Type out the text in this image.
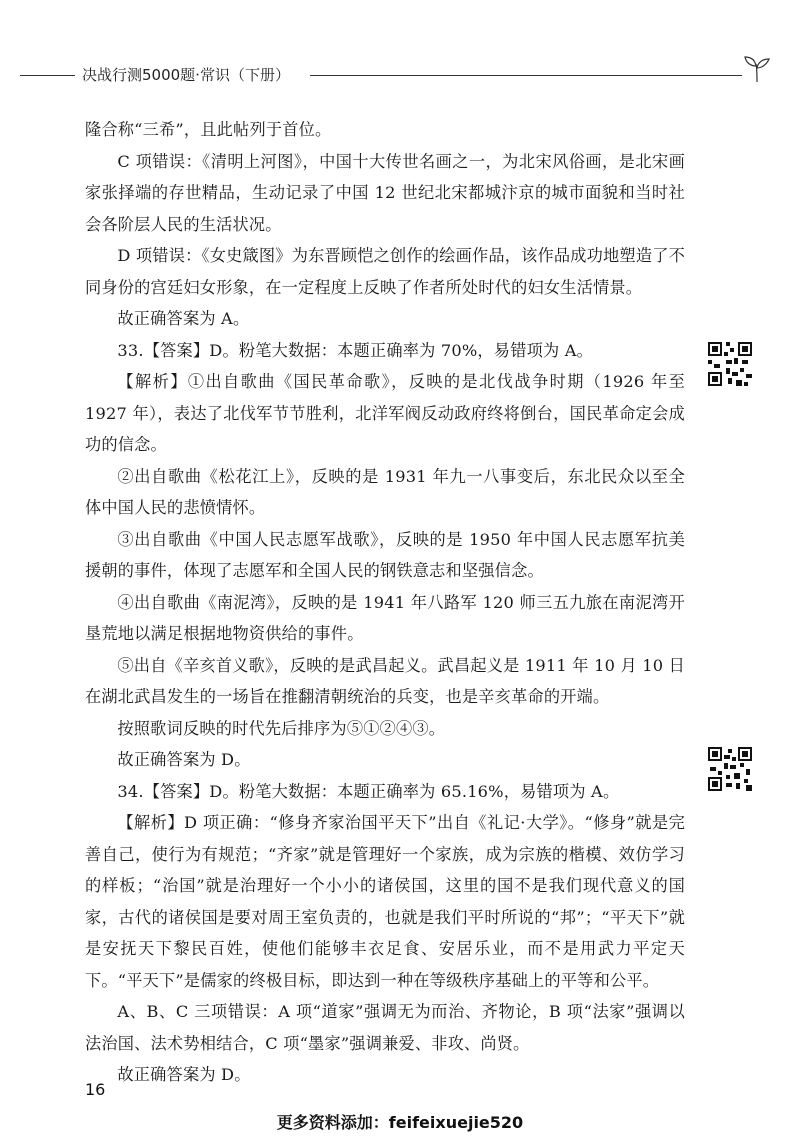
决战行测5000题·常识（下册）

隆合称“三希”，且此帖列于首位。

C 项错误：《清明上河图》，中国十大传世名画之一，为北宋风俗画，是北宋画家张择端的存世精品，生动记录了中国 12 世纪北宋都城汴京的城市面貌和当时社会各阶层人民的生活状况。

D 项错误：《女史箴图》为东晋顾恺之创作的绘画作品，该作品成功地塑造了不同身份的宫廷妇女形象，在一定程度上反映了作者所处时代的妇女生活情景。

故正确答案为 A。

33.【答案】D。粉笔大数据：本题正确率为 70%，易错项为 A。

【解析】①出自歌曲《国民革命歌》，反映的是北伐战争时期（1926 年至 1927 年），表达了北伐军节节胜利，北洋军阀反动政府终将倒台，国民革命定会成功的信念。

②出自歌曲《松花江上》，反映的是 1931 年九一八事变后，东北民众以至全体中国人民的悲愤情怀。

③出自歌曲《中国人民志愿军战歌》，反映的是 1950 年中国人民志愿军抗美援朝的事件，体现了志愿军和全国人民的钢铁意志和坚强信念。

④出自歌曲《南泥湾》，反映的是 1941 年八路军 120 师三五九旅在南泥湾开垦荒地以满足根据地物资供给的事件。

⑤出自《辛亥首义歌》，反映的是武昌起义。武昌起义是 1911 年 10 月 10 日在湖北武昌发生的一场旨在推翻清朝统治的兵变，也是辛亥革命的开端。

按照歌词反映的时代先后排序为⑤①②④③。

故正确答案为 D。

34.【答案】D。粉笔大数据：本题正确率为 65.16%，易错项为 A。

【解析】D 项正确：“修身齐家治国平天下”出自《礼记·大学》。“修身”就是完善自己，使行为有规范；“齐家”就是管理好一个家族，成为宗族的楷模、效仿学习的样板；“治国”就是治理好一个小小的诸侯国，这里的国不是我们现代意义的国家，古代的诸侯国是要对周王室负责的，也就是我们平时所说的“邦”；“平天下”就是安抚天下黎民百姓，使他们能够丰衣足食、安居乐业，而不是用武力平定天下。“平天下”是儒家的终极目标，即达到一种在等级秩序基础上的平等和公平。

A、B、C 三项错误：A 项“道家”强调无为而治、齐物论，B 项“法家”强调以法治国、法术势相结合，C 项“墨家”强调兼爱、非攻、尚贤。

故正确答案为 D。

16
更多资料添加：feifeixuejie520
